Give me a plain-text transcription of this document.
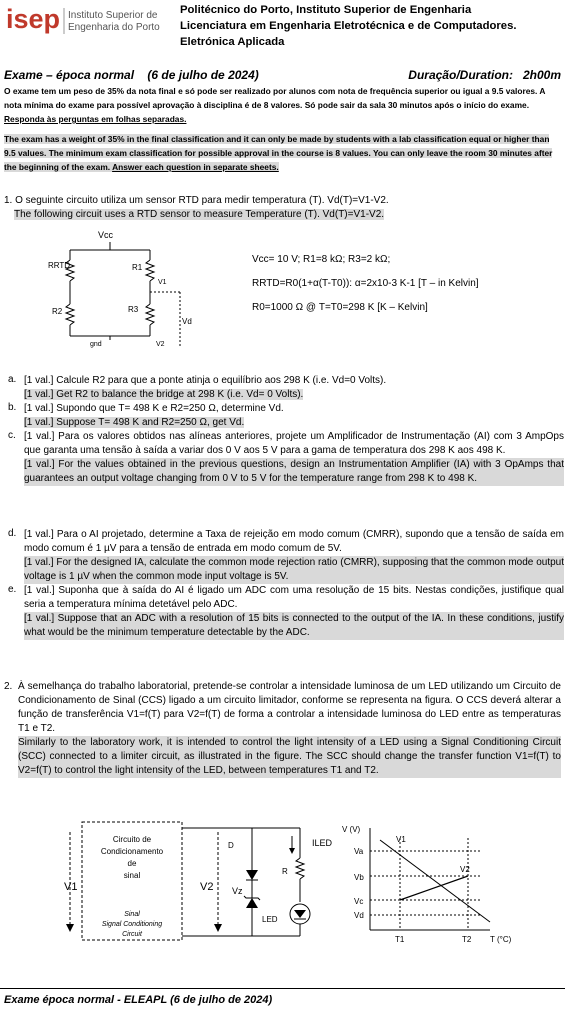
isep Instituto Superior de
Engenharia do Porto
Politécnico do Porto, Instituto Superior de Engenharia
Licenciatura em Engenharia Eletrotécnica e de Computadores.
Eletrónica Aplicada
Exame – época normal    (6 de julho de 2024)	Duração/Duration:   2h00m
O exame tem um peso de 35% da nota final e só pode ser realizado por alunos com nota de frequência superior ou igual a 9.5 valores. A nota mínima do exame para possível aprovação à disciplina é de 8 valores. Só pode sair da sala 30 minutos após o início do exame. Responda às perguntas em folhas separadas.
The exam has a weight of 35% in the final classification and it can only be made by students with a lab classification equal or higher than 9.5 values. The minimum exam classification for possible approval in the course is 8 values. You can only leave the room 30 minutes after the beginning of the exam. Answer each question in separate sheets.
1. O seguinte circuito utiliza um sensor RTD para medir temperatura (T). Vd(T)=V1-V2.
The following circuit uses a RTD sensor to measure Temperature (T). Vd(T)=V1-V2.
Vcc
RRTD	R1
R2	R3
V1
Vd
gnd	V2
Vcc= 10 V; R1=8 kΩ; R3=2 kΩ;
RRTD=R0(1+α(T-T0)): α=2x10-3 K-1 [T – in Kelvin]
R0=1000 Ω @ T=T0=298 K [K – Kelvin]
a. [1 val.] Calcule R2 para que a ponte atinja o equilíbrio aos 298 K (i.e. Vd=0 Volts).
[1 val.] Get R2 to balance the bridge at 298 K (i.e. Vd= 0 Volts).
b. [1 val.] Supondo que T= 498 K e R2=250 Ω, determine Vd.
[1 val.] Suppose T= 498 K and R2=250 Ω, get Vd.
c. [1 val.] Para os valores obtidos nas alíneas anteriores, projete um Amplificador de Instrumentação (AI) com 3 AmpOps que garanta uma tensão à saída a variar dos 0 V aos 5 V para a gama de temperatura dos 298 K aos 498 K.
[1 val.] For the values obtained in the previous questions, design an Instrumentation Amplifier (IA) with 3 OpAmps that guarantees an output voltage changing from 0 V to 5 V for the temperature range from 298 K to 498 K.
d. [1 val.] Para o AI projetado, determine a Taxa de rejeição em modo comum (CMRR), supondo que a tensão de saída em modo comum é 1 µV para a tensão de entrada em modo comum de 5V.
[1 val.] For the designed IA, calculate the common mode rejection ratio (CMRR), supposing that the common mode output voltage is 1 µV when the common mode input voltage is 5V.
e. [1 val.] Suponha que à saída do AI é ligado um ADC com uma resolução de 15 bits. Nestas condições, justifique qual seria a temperatura mínima detetável pelo ADC.
[1 val.] Suppose that an ADC with a resolution of 15 bits is connected to the output of the IA. In these conditions, justify what would be the minimum temperature detectable by the ADC.
2. À semelhança do trabalho laboratorial, pretende-se controlar a intensidade luminosa de um LED utilizando um Circuito de Condicionamento de Sinal (CCS) ligado a um circuito limitador, conforme se representa na figura. O CCS deverá alterar a função de transferência V1=f(T) para V2=f(T) de forma a controlar a intensidade luminosa do LED entre as temperaturas T1 e T2.
Similarly to the laboratory work, it is intended to control the light intensity of a LED using a Signal Conditioning Circuit (SCC) connected to a limiter circuit, as illustrated in the figure. The SCC should change the transfer function V1=f(T) to V2=f(T) to control the light intensity of the LED, between temperatures T1 and T2.
Circuito de
Condicionamento
de
sinal
Sinal
Signal Conditioning
Circuit
V1	V2
D
Vz
R
LED
ILED
V (V)
Va
Vb
Vc
Vd
V1
V2
T1	T2 T (°C)
Exame época normal - ELEAPL (6 de julho de 2024)
